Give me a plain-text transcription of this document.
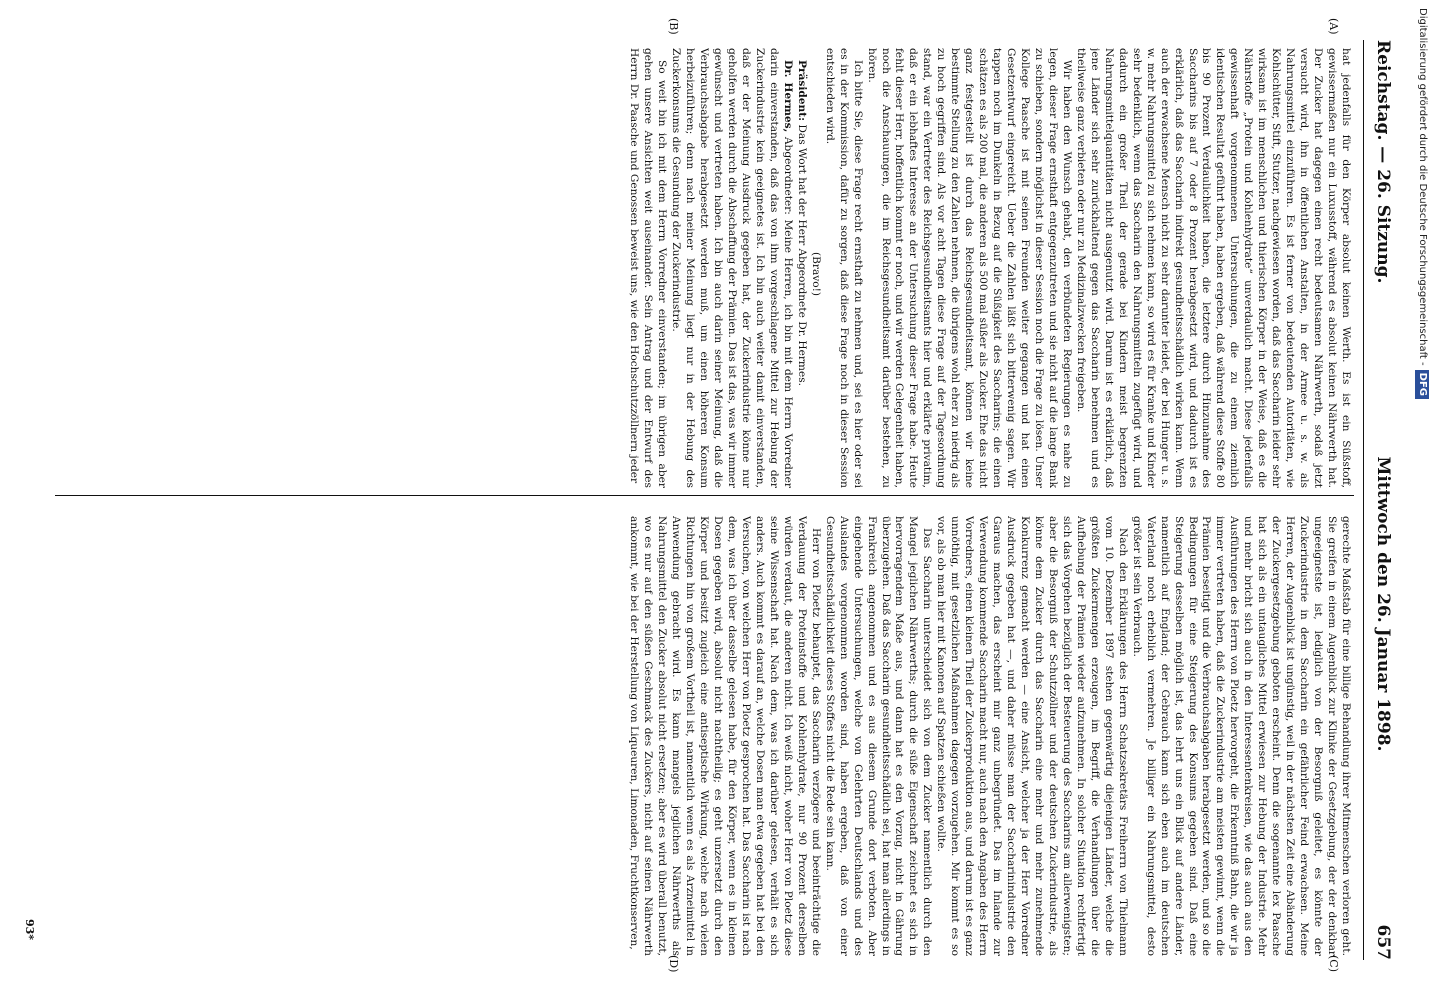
Reichstag. — 26. Sitzung.
Mittwoch den 26. Januar 1898.
657
(A)
(B)
(C)
(D)

hat jedenfalls für den Körper absolut keinen Werth. Es ist ein Süßstoff, gewissermaßen nur ein Luxusstoff, während es absolut keinen Nährwerth hat. Der Zucker hat dagegen einen recht bedeutsamen Nährwerth, sodaß jetzt versucht wird, ihn in öffentlichen Anstalten, in der Armee u. s. w. als Nahrungsmittel einzuführen. Es ist ferner von bedeutenden Autoritäten, wie Kohlschütter, Stift, Stutzer, nachgewiesen worden, daß das Saccharin leider sehr wirksam ist im menschlichen und thierischen Körper in der Weise, daß es die Nährstoffe „Protein und Kohlenhydrate“ unverdaulich macht. Diese jedenfalls gewissenhaft vorgenommenen Untersuchungen, die zu einem ziemlich identischen Resultat geführt haben, haben ergeben, daß während diese Stoffe 80 bis 90 Prozent Verdaulichkeit haben, die letztere durch Hinzunahme des Saccharins bis auf 7 oder 8 Prozent herabgesetzt wird, und dadurch ist es erklärlich, daß das Saccharin indirekt gesundheitsschädlich wirken kann. Wenn auch der erwachsene Mensch nicht zu sehr darunter leidet, der bei Hunger u. s. w. mehr Nahrungsmittel zu sich nehmen kann, so wird es für Kranke und Kinder sehr bedenklich, wenn das Saccharin den Nahrungsmitteln zugefügt wird, und dadurch ein großer Theil der gerade bei Kindern meist begrenzten Nahrungsmittelquantitäten nicht ausgenutzt wird. Darum ist es erklärlich, daß jene Länder sich sehr zurückhaltend gegen das Saccharin benehmen und es theilweise ganz verbieten oder nur zu Medizinalzwecken freigeben.

Wir haben den Wunsch gehabt, den verbündeten Regierungen es nahe zu legen, dieser Frage ernsthaft entgegenzutreten und sie nicht auf die lange Bank zu schieben, sondern möglichst in dieser Session noch die Frage zu lösen. Unser Kollege Paasche ist mit seinen Freunden weiter gegangen und hat einen Gesetzentwurf eingereicht. Ueber die Zahlen läßt sich bitterwenig sagen. Wir tappen noch im Dunkeln in Bezug auf die Süßigkeit des Saccharins; die einen schätzen es als 200 mal, die anderen als 500 mal süßer als Zucker. Ehe das nicht ganz festgestellt ist durch das Reichsgesundheitsamt, können wir keine bestimmte Stellung zu den Zahlen nehmen, die übrigens wohl eher zu niedrig als zu hoch gegriffen sind. Als vor acht Tagen diese Frage auf der Tagesordnung stand, war ein Vertreter des Reichsgesundheitsamts hier und erklärte privatim, daß er ein lebhaftes Interesse an der Untersuchung dieser Frage habe. Heute fehlt dieser Herr, hoffentlich kommt er noch, und wir werden Gelegenheit haben, noch die Anschauungen, die im Reichsgesundheitsamt darüber bestehen, zu hören.

Ich bitte Sie, diese Frage recht ernsthaft zu nehmen und, sei es hier oder sei es in der Kommission, dafür zu sorgen, daß diese Frage noch in dieser Session entschieden wird.

(Bravo!)

Präsident: Das Wort hat der Herr Abgeordnete Dr. Hermes.

Dr. Hermes, Abgeordneter: Meine Herren, ich bin mit dem Herrn Vorredner darin einverstanden, daß das von ihm vorgeschlagene Mittel zur Hebung der Zuckerindustrie kein geeignetes ist. Ich bin auch weiter damit einverstanden, daß er der Meinung Ausdruck gegeben hat, der Zuckerindustrie könne nur geholfen werden durch die Abschaffung der Prämien. Das ist das, was wir immer gewünscht und vertreten haben. Ich bin auch darin seiner Meinung, daß die Verbrauchsabgabe herabgesetzt werden muß, um einen höheren Konsum herbeizuführen; denn nach meiner Meinung liegt nur in der Hebung des Zuckerkonsums die Gesundung der Zuckerindustrie.

So weit bin ich mit dem Herrn Vorredner einverstanden; im übrigen aber gehen unsere Ansichten weit auseinander. Sein Antrag und der Entwurf des Herrn Dr. Paasche und Genossen beweist uns, wie den Hochschutzzöllnern jeder

gerechte Maßstab für eine billige Behandlung ihrer Mitmenschen verloren geht. Sie greifen in einem Augenblick zur Klinke der Gesetzgebung, der der denkbar ungeeignetste ist, lediglich von der Besorgniß geleitet, es könnte der Zuckerindustrie in dem Saccharin ein gefährlicher Feind erwachsen. Meine Herren, der Augenblick ist ungünstig, weil in der nächsten Zeit eine Abänderung der Zuckergesetzgebung geboten erscheint. Denn die sogenannte lex Paasche hat sich als ein untaugliches Mittel erwiesen zur Hebung der Industrie. Mehr und mehr bricht sich auch in den Interessentenkreisen, wie das auch aus den Ausführungen des Herrn von Ploetz hervorgeht, die Erkenntniß Bahn, die wir ja immer vertreten haben, daß die Zuckerindustrie am meisten gewinnt, wenn die Prämien beseitigt und die Verbrauchsabgaben herabgesetzt werden, und so die Bedingungen für eine Steigerung des Konsums gegeben sind. Daß eine Steigerung desselben möglich ist, das lehrt uns ein Blick auf andere Länder, namentlich auf England; der Gebrauch kann sich eben auch im deutschen Vaterland noch erheblich vermehren. Je billiger ein Nahrungsmittel, desto größer ist sein Verbrauch.

Nach den Erklärungen des Herrn Schatzsekretärs Freiherrn von Thielmann vom 10. Dezember 1897 stehen gegenwärtig diejenigen Länder, welche die größten Zuckermengen erzeugen, im Begriff, die Verhandlungen über die Aufhebung der Prämien wieder aufzunehmen. In solcher Situation rechtfertigt sich das Vorgehen bezüglich der Besteuerung des Saccharins am allerwenigsten; aber die Besorgniß der Schutzzöllner und der deutschen Zuckerindustrie, als könne dem Zucker durch das Saccharin eine mehr und mehr zunehmende Konkurrenz gemacht werden — eine Ansicht, welcher ja der Herr Vorredner Ausdruck gegeben hat —, und daher müsse man der Saccharinindustrie den Garaus machen, das erscheint mir ganz unbegründet. Das im Inlande zur Verwendung kommende Saccharin macht nur, auch nach den Angaben des Herrn Vorredners, einen kleinen Theil der Zuckerproduktion aus, und darum ist es ganz unnöthig, mit gesetzlichen Maßnahmen dagegen vorzugehen. Mir kommt es so vor, als ob man hier mit Kanonen auf Spatzen schießen wollte.

Das Saccharin unterscheidet sich von dem Zucker namentlich durch den Mangel jeglichen Nährwerths; durch die süße Eigenschaft zeichnet es sich in hervorragendem Maße aus, und dann hat es den Vorzug, nicht in Gährung überzugehen. Daß das Saccharin gesundheitsschädlich sei, hat man allerdings in Frankreich angenommen und es aus diesem Grunde dort verboten. Aber eingehende Untersuchungen, welche von Gelehrten Deutschlands und des Auslandes vorgenommen worden sind, haben ergeben, daß von einer Gesundheitsschädlichkeit dieses Stoffes nicht die Rede sein kann.

Herr von Ploetz behauptet, das Saccharin verzögere und beeinträchtige die Verdauung der Proteinstoffe und Kohlenhydrate, nur 90 Prozent derselben würden verdaut, die anderen nicht. Ich weiß nicht, woher Herr von Ploetz diese seine Wissenschaft hat. Nach dem, was ich darüber gelesen, verhält es sich anders. Auch kommt es darauf an, welche Dosen man etwa gegeben hat bei den Versuchen, von welchen Herr von Ploetz gesprochen hat. Das Saccharin ist nach dem, was ich über dasselbe gelesen habe, für den Körper, wenn es in kleinen Dosen gegeben wird, absolut nicht nachtheilig; es geht unzersetzt durch den Körper und besitzt zugleich eine antiseptische Wirkung, welche nach vielen Richtungen hin von großem Vortheil ist, namentlich wenn es als Arzneimittel in Anwendung gebracht wird. Es kann mangels jeglichen Nährwerths als Nahrungsmittel den Zucker absolut nicht ersetzen; aber es wird überall benutzt, wo es nur auf den süßen Geschmack des Zuckers, nicht auf seinen Nährwerth ankommt, wie bei der Herstellung von Liqueuren, Limonaden, Fruchtkonserven,

93*
Digitalisierung gefördert durch die Deutsche Forschungsgemeinschaft -DFG
